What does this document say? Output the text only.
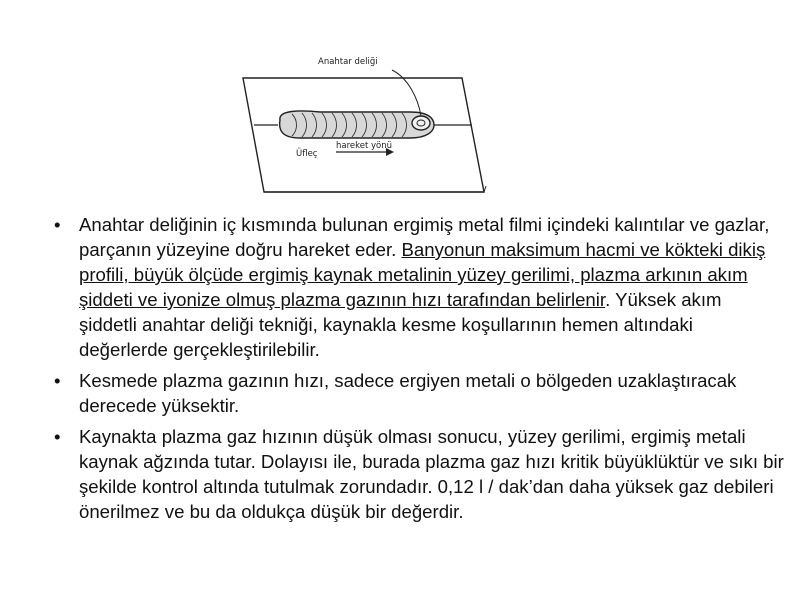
Anahtar deliği
Üfleç
hareket yönü
• Anahtar deliğinin iç kısmında bulunan ergimiş metal filmi içindeki kalıntılar ve gazlar, parçanın yüzeyine doğru hareket eder. Banyonun maksimum hacmi ve kökteki dikiş profili, büyük ölçüde ergimiş kaynak metalinin yüzey gerilimi, plazma arkının akım şiddeti ve iyonize olmuş plazma gazının hızı tarafından belirlenir. Yüksek akım şiddetli anahtar deliği tekniği, kaynakla kesme koşullarının hemen altındaki değerlerde gerçekleştirilebilir.
• Kesmede plazma gazının hızı, sadece ergiyen metali o bölgeden uzaklaştıracak derecede yüksektir.
• Kaynakta plazma gaz hızının düşük olması sonucu, yüzey gerilimi, ergimiş metali kaynak ağzında tutar. Dolayısı ile, burada plazma gaz hızı kritik büyüklüktür ve sıkı bir şekilde kontrol altında tutulmak zorundadır. 0,12 l / dak’dan daha yüksek gaz debileri önerilmez ve bu da oldukça düşük bir değerdir.
